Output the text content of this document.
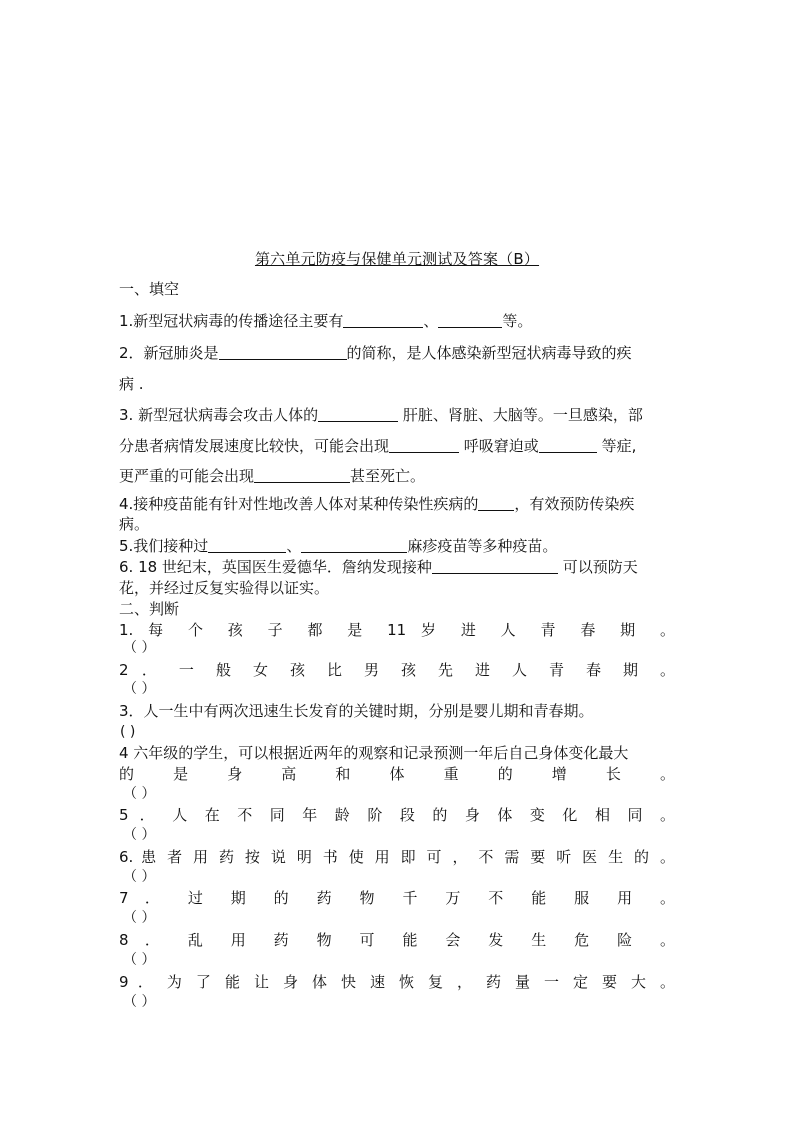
第六单元防疫与保健单元测试及答案（B）
一、填空
1.新型冠状病毒的传播途径主要有	、	等。
2．新冠肺炎是	的简称，是人体感染新型冠状病毒导致的疾
病 .
3. 新型冠状病毒会攻击人体的	肝脏、肾脏、大脑等。一旦感染，部
分患者病情发展速度比较快，可能会出现	呼吸窘迫或	等症,
更严重的可能会出现	甚至死亡。
4.接种疫苗能有针对性地改善人体对某种传染性疾病的 ，有效预防传染疾
病。
5.我们接种过	、	麻疹疫苗等多种疫苗。
6. 18 世纪末，英国医生爱德华．詹纳发现接种	可以预防天
花，并经过反复实验得以证实。
二、判断
1. 每 个 孩 子 都 是 11 岁 进 人 青 春 期 。
（ ）
2 ． 一 般 女 孩 比 男 孩 先 进 人 青 春 期 。
（ ）
3．人一生中有两次迅速生长发育的关键时期，分别是婴儿期和青春期。
( )
4 六年级的学生，可以根据近两年的观察和记录预测一年后自己身体变化最大
的 是 身 高 和 体 重 的 增 长 。
（ ）
5 ． 人 在 不 同 年 龄 阶 段 的 身 体 变 化 相 同 。
（ ）
6. 患 者 用 药 按 说 明 书 使 用 即 可 ， 不 需 要 听 医 生 的 。
（ ）
7 ． 过 期 的 药 物 千 万 不 能 服 用 。
（ ）
8 ． 乱 用 药 物 可 能 会 发 生 危 险 。
（ ）
9 ． 为 了 能 让 身 体 快 速 恢 复 ， 药 量 一 定 要 大 。
（ ）
